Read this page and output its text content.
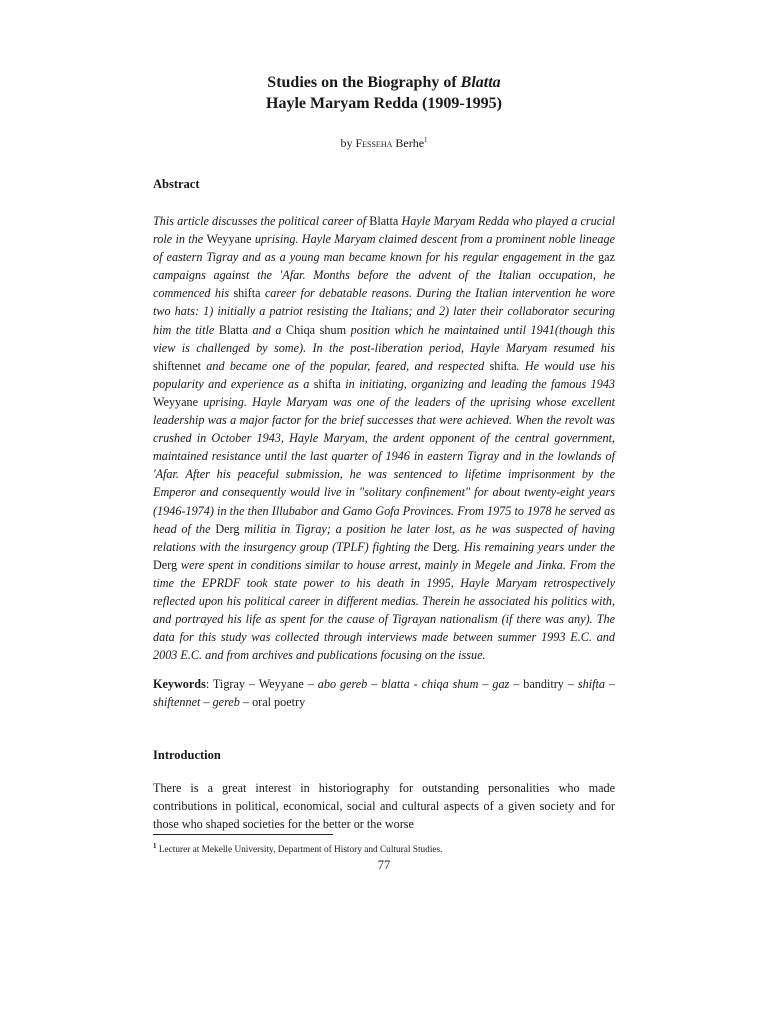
Studies on the Biography of Blatta
Hayle Maryam Redda (1909-1995)
by Fesseha Berhe$^1$
Abstract
This article discusses the political career of Blatta Hayle Maryam Redda who played a crucial role in the Weyyane uprising. Hayle Maryam claimed descent from a prominent noble lineage of eastern Tigray and as a young man became known for his regular engagement in the gaz campaigns against the 'Afar. Months before the advent of the Italian occupation, he commenced his shifta career for debatable reasons. During the Italian intervention he wore two hats: 1) initially a patriot resisting the Italians; and 2) later their collaborator securing him the title Blatta and a Chiqa shum position which he maintained until 1941(though this view is challenged by some). In the post-liberation period, Hayle Maryam resumed his shiftennet and became one of the popular, feared, and respected shifta. He would use his popularity and experience as a shifta in initiating, organizing and leading the famous 1943 Weyyane uprising. Hayle Maryam was one of the leaders of the uprising whose excellent leadership was a major factor for the brief successes that were achieved. When the revolt was crushed in October 1943, Hayle Maryam, the ardent opponent of the central government, maintained resistance until the last quarter of 1946 in eastern Tigray and in the lowlands of 'Afar. After his peaceful submission, he was sentenced to lifetime imprisonment by the Emperor and consequently would live in "solitary confinement" for about twenty-eight years (1946-1974) in the then Illubabor and Gamo Gofa Provinces. From 1975 to 1978 he served as head of the Derg militia in Tigray; a position he later lost, as he was suspected of having relations with the insurgency group (TPLF) fighting the Derg. His remaining years under the Derg were spent in conditions similar to house arrest, mainly in Megele and Jinka. From the time the EPRDF took state power to his death in 1995, Hayle Maryam retrospectively reflected upon his political career in different medias. Therein he associated his politics with, and portrayed his life as spent for the cause of Tigrayan nationalism (if there was any). The data for this study was collected through interviews made between summer 1993 E.C. and 2003 E.C. and from archives and publications focusing on the issue.
Keywords: Tigray – Weyyane – abo gereb – blatta - chiqa shum – gaz – banditry – shifta – shiftennet – gereb – oral poetry
Introduction
There is a great interest in historiography for outstanding personalities who made contributions in political, economical, social and cultural aspects of a given society and for those who shaped societies for the better or the worse
$^1$ Lecturer at Mekelle University, Department of History and Cultural Studies.
77
